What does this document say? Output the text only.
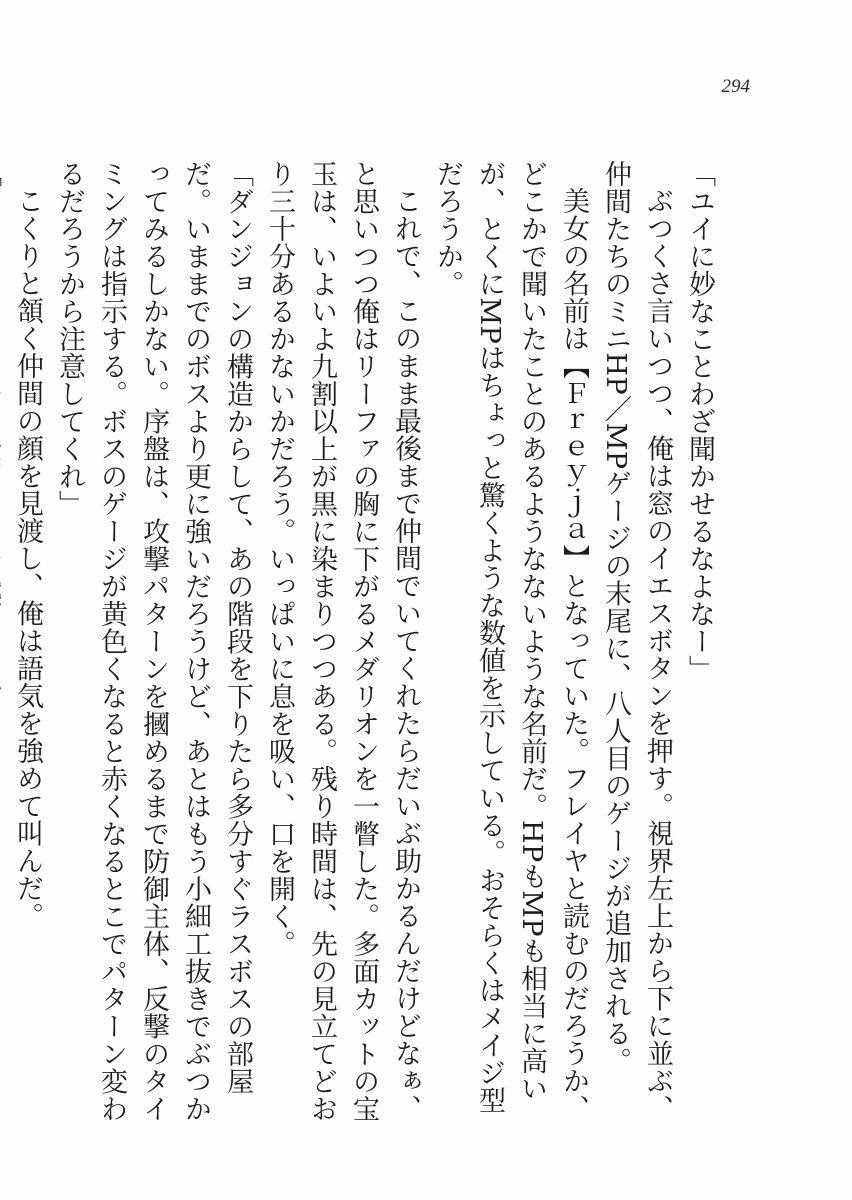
294

「ユイに妙なことわざ聞かせるなよなー」

ぶつくさ言いつつ、俺は窓のイエスボタンを押す。視界左上から下に並ぶ、仲間たちのミニHP／MPゲージの末尾に、八人目のゲージが追加される。

美女の名前は【Ｆｒｅｙｊａ】となっていた。フレイヤと読むのだろうか、どこかで聞いたことのあるようなないような名前だ。HPもMPも相当に高いが、とくにMPはちょっと驚くような数値を示している。おそらくはメイジ型だろうか。

これで、このまま最後まで仲間でいてくれたらだいぶ助かるんだけどなぁ、と思いつつ俺はリーファの胸に下がるメダリオンを一瞥した。多面カットの宝玉は、いよいよ九割以上が黒に染まりつつある。残り時間は、先の見立てどおり三十分あるかないかだろう。いっぱいに息を吸い、口を開く。

「ダンジョンの構造からして、あの階段を下りたら多分すぐラスボスの部屋だ。いままでのボスより更に強いだろうけど、あとはもう小細工抜きでぶつかってみるしかない。序盤は、攻撃パターンを摑めるまで防御主体、反撃のタイミングは指示する。ボスのゲージが黄色くなると赤くなるとこでパターン変わるだろうから注意してくれ」

こくりと頷く仲間の顔を見渡し、俺は語気を強めて叫んだ。
